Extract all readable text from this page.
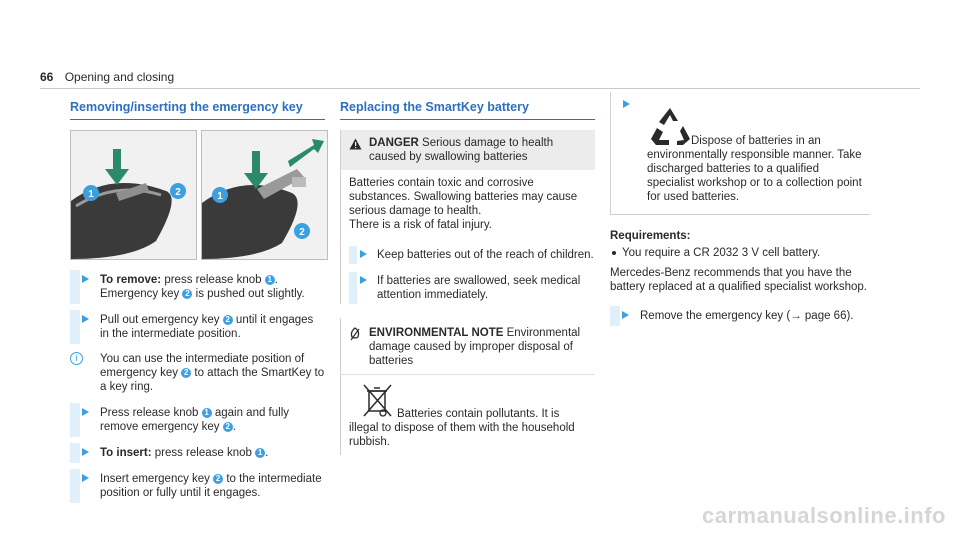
66 Opening and closing
Removing/inserting the emergency key
1	2	1
2
To remove: press release knob 1 .
Emergency key 2 is pushed out slightly.
Pull out emergency key 2 until it engages in the intermediate position.
i	You can use the intermediate position of emergency key 2 to attach the SmartKey to a key ring.
Press release knob 1 again and fully remove emergency key 2 .
To insert: press release knob 1 .
Insert emergency key 2 to the intermediate position or fully until it engages.
Replacing the SmartKey battery
DANGER Serious damage to health caused by swallowing batteries
Batteries contain toxic and corrosive substances. Swallowing batteries may cause serious damage to health.
There is a risk of fatal injury.
Keep batteries out of the reach of children.
If batteries are swallowed, seek medical attention immediately.
ENVIRONMENTAL NOTE Environmental damage caused by improper disposal of batteries
Batteries contain pollutants. It is illegal to dispose of them with the household rubbish.
Dispose of batteries in an environmentally responsible manner. Take discharged batteries to a qualified specialist workshop or to a collection point for used batteries.
Requirements:
You require a CR 2032 3 V cell battery.
Mercedes-Benz recommends that you have the battery replaced at a qualified specialist workshop.
Remove the emergency key (→ page 66).
carmanualsonline.info
